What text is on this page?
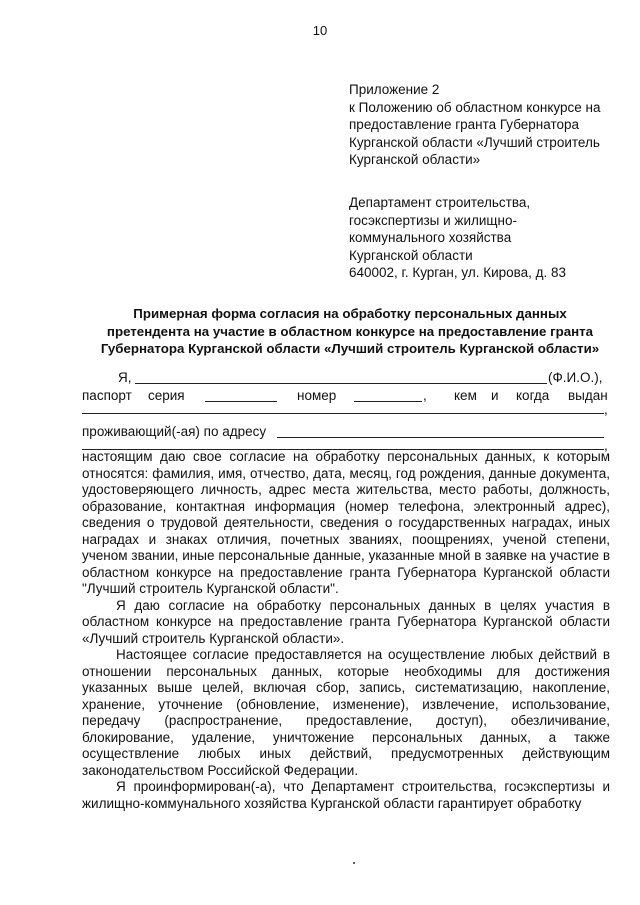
10
Приложение 2
к Положению об областном конкурсе на
предоставление гранта Губернатора
Курганской области «Лучший строитель
Курганской области»
Департамент строительства,
госэкспертизы и жилищно-
коммунального хозяйства
Курганской области
640002, г. Курган, ул. Кирова, д. 83
Примерная форма согласия на обработку персональных данных
претендента на участие в областном конкурсе на предоставление гранта
Губернатора Курганской области «Лучший строитель Курганской области»
Я,	(Ф.И.О.),
паспорт серия	номер	, кем и когда выдан
,
проживающий(-ая) по адресу
,

настоящим даю свое согласие на обработку персональных данных, к которым относятся: фамилия, имя, отчество, дата, месяц, год рождения, данные документа, удостоверяющего личность, адрес места жительства, место работы, должность, образование, контактная информация (номер телефона, электронный адрес), сведения о трудовой деятельности, сведения о государственных наградах, иных наградах и знаках отличия, почетных званиях, поощрениях, ученой степени, ученом звании, иные персональные данные, указанные мной в заявке на участие в областном конкурсе на предоставление гранта Губернатора Курганской области "Лучший строитель Курганской области".

Я даю согласие на обработку персональных данных в целях участия в областном конкурсе на предоставление гранта Губернатора Курганской области «Лучший строитель Курганской области».

Настоящее согласие предоставляется на осуществление любых действий в отношении персональных данных, которые необходимы для достижения указанных выше целей, включая сбор, запись, систематизацию, накопление, хранение, уточнение (обновление, изменение), извлечение, использование, передачу (распространение, предоставление, доступ), обезличивание, блокирование, удаление, уничтожение персональных данных, а также осуществление любых иных действий, предусмотренных действующим законодательством Российской Федерации.

Я проинформирован(-а), что Департамент строительства, госэкспертизы и жилищно-коммунального хозяйства Курганской области гарантирует обработку
